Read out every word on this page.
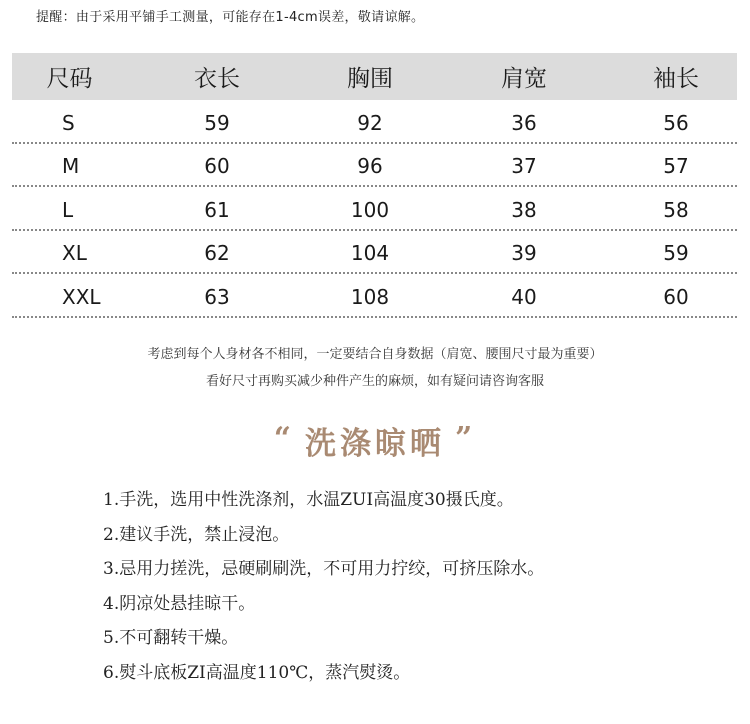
提醒：由于采用平铺手工测量，可能存在1-4cm误差，敬请谅解。
尺码	衣长	胸围	肩宽	袖长
S	59	92	36	56
M	60	96	37	57
L	61	100	38	58
XL	62	104	39	59
XXL	63	108	40	60
考虑到每个人身材各不相同，一定要结合自身数据（肩宽、腰围尺寸最为重要）
看好尺寸再购买减少种件产生的麻烦，如有疑问请咨询客服
“ 洗涤晾晒 ”
1.手洗，选用中性洗涤剂，水温ZUI高温度30摄氏度。
2.建议手洗，禁止浸泡。
3.忌用力搓洗，忌硬刷刷洗，不可用力拧绞，可挤压除水。
4.阴凉处悬挂晾干。
5.不可翻转干燥。
6.熨斗底板ZI高温度110℃，蒸汽熨烫。
